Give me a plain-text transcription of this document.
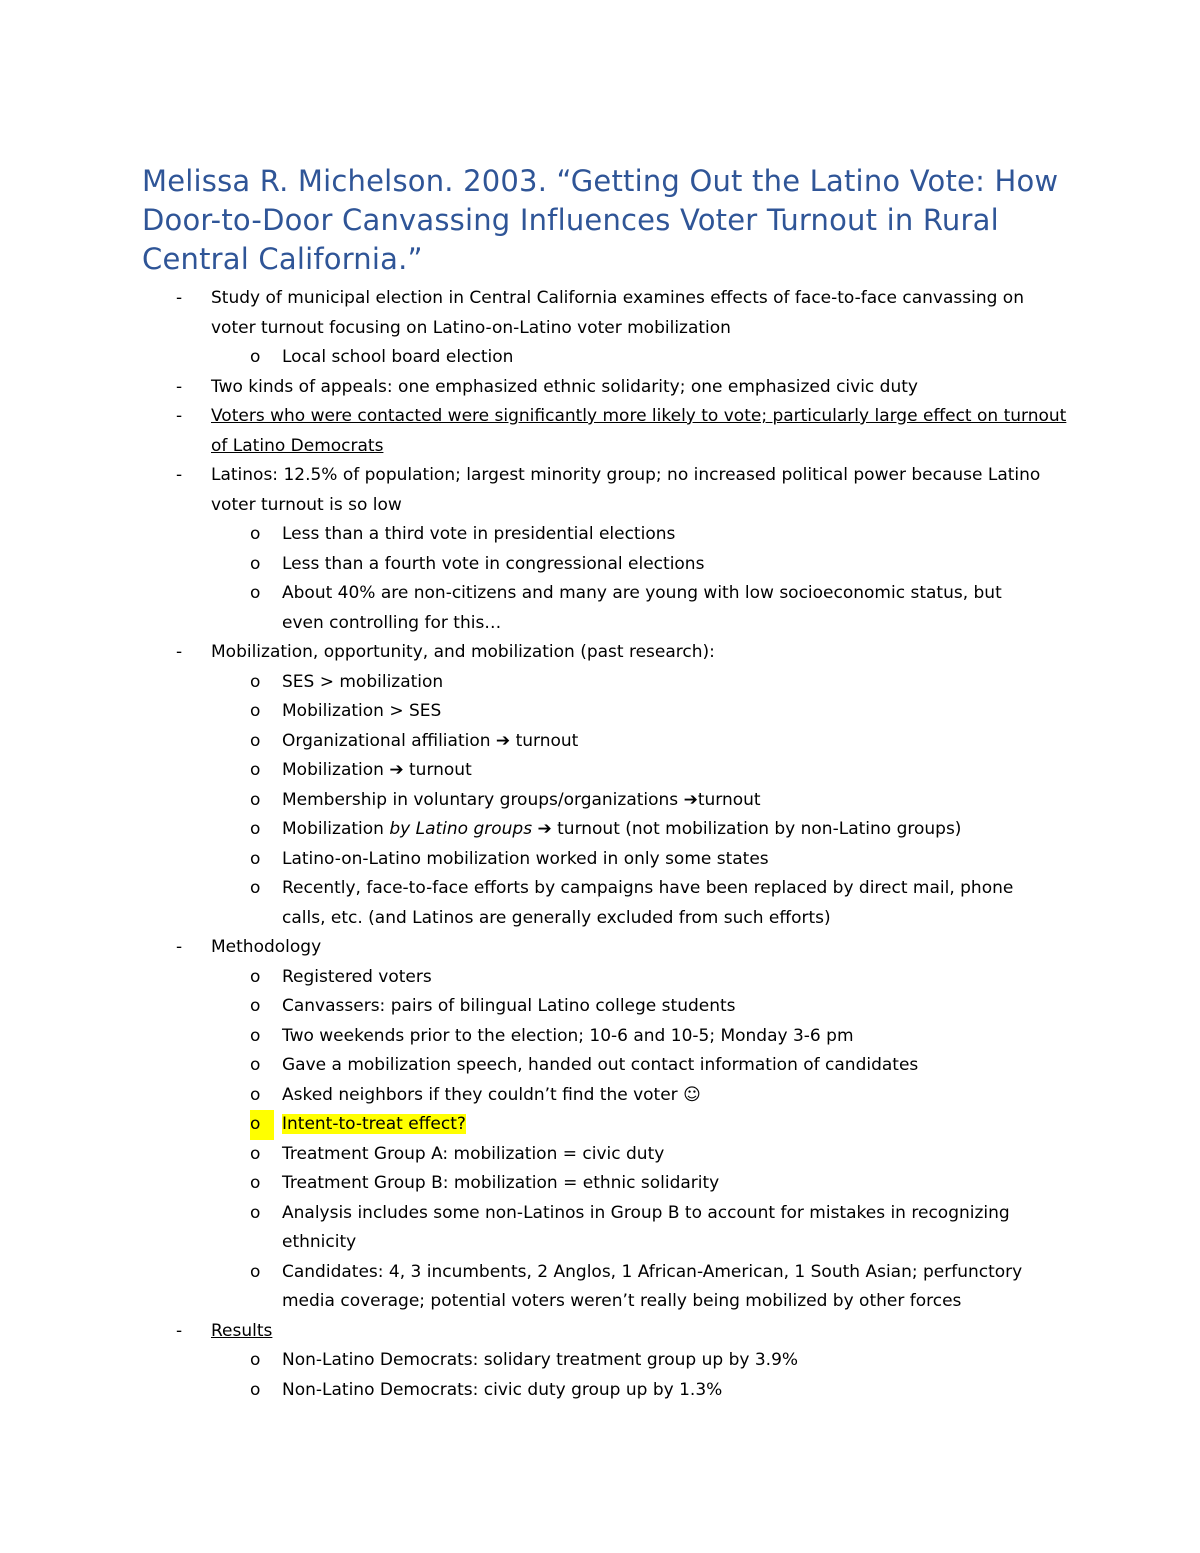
Melissa R. Michelson. 2003. “Getting Out the Latino Vote: How Door-to-Door Canvassing Influences Voter Turnout in Rural Central California.”
- Study of municipal election in Central California examines effects of face-to-face canvassing on voter turnout focusing on Latino-on-Latino voter mobilization
o Local school board election
- Two kinds of appeals: one emphasized ethnic solidarity; one emphasized civic duty
- Voters who were contacted were significantly more likely to vote; particularly large effect on turnout of Latino Democrats
- Latinos: 12.5% of population; largest minority group; no increased political power because Latino voter turnout is so low
o Less than a third vote in presidential elections
o Less than a fourth vote in congressional elections
o About 40% are non-citizens and many are young with low socioeconomic status, but even controlling for this…
- Mobilization, opportunity, and mobilization (past research):
o SES > mobilization
o Mobilization > SES
o Organizational affiliation ➔ turnout
o Mobilization ➔ turnout
o Membership in voluntary groups/organizations ➔turnout
o Mobilization by Latino groups ➔ turnout (not mobilization by non-Latino groups)
o Latino-on-Latino mobilization worked in only some states
o Recently, face-to-face efforts by campaigns have been replaced by direct mail, phone calls, etc. (and Latinos are generally excluded from such efforts)
- Methodology
o Registered voters
o Canvassers: pairs of bilingual Latino college students
o Two weekends prior to the election; 10-6 and 10-5; Monday 3-6 pm
o Gave a mobilization speech, handed out contact information of candidates
o Asked neighbors if they couldn’t find the voter ☺
o	Intent-to-treat effect?
o Treatment Group A: mobilization = civic duty
o Treatment Group B: mobilization = ethnic solidarity
o Analysis includes some non-Latinos in Group B to account for mistakes in recognizing ethnicity
o Candidates: 4, 3 incumbents, 2 Anglos, 1 African-American, 1 South Asian; perfunctory media coverage; potential voters weren’t really being mobilized by other forces
- Results
o Non-Latino Democrats: solidary treatment group up by 3.9%
o Non-Latino Democrats: civic duty group up by 1.3%
